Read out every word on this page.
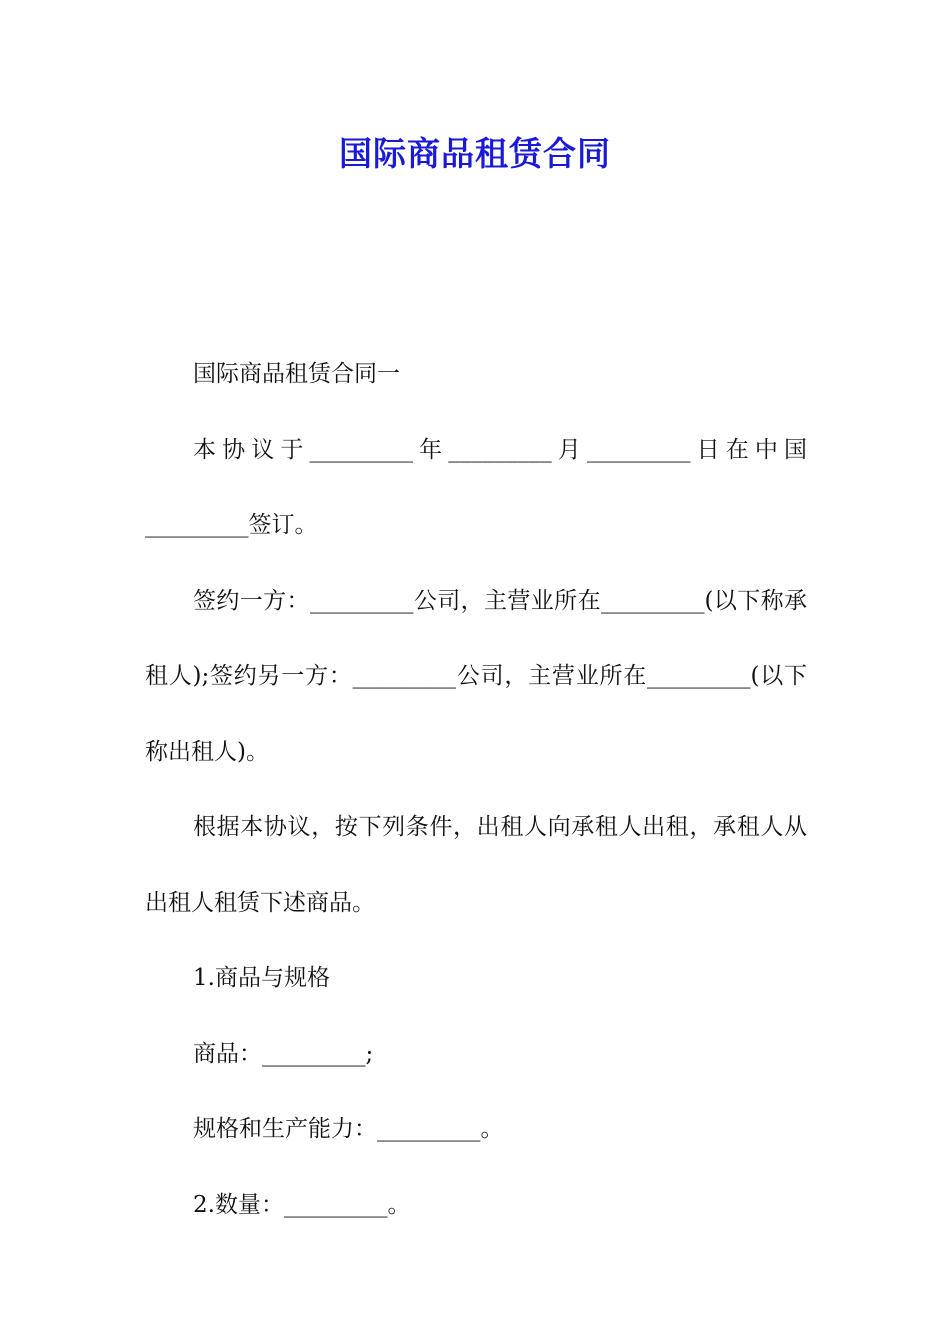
国际商品租赁合同

国际商品租赁合同一

本协议于_________年_________月_________日在中国_________签订。

签约一方：_________公司，主营业所在_________(以下称承租人);签约另一方：_________公司，主营业所在_________(以下称出租人)。

根据本协议，按下列条件，出租人向承租人出租，承租人从出租人租赁下述商品。

1.商品与规格

商品：_________;

规格和生产能力：_________。

2.数量：_________。
